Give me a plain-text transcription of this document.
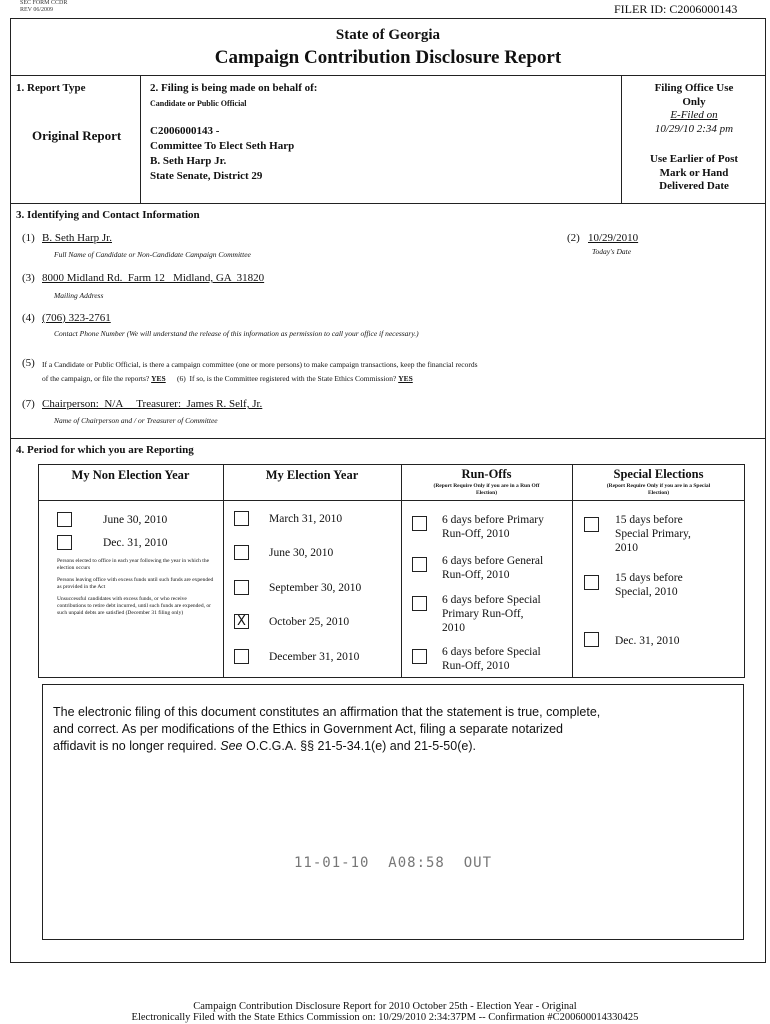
SEC FORM CCDR
REV 06/2009	FILER ID: C2006000143
State of Georgia
Campaign Contribution Disclosure Report
1. Report Type
Original Report
2. Filing is being made on behalf of:
Candidate or Public Official
C2006000143 -
Committee To Elect Seth Harp
B. Seth Harp Jr.
State Senate, District 29
Filing Office Use
Only
E-Filed on
10/29/10 2:34 pm
Use Earlier of Post
Mark or Hand
Delivered Date
3. Identifying and Contact Information
(1) B. Seth Harp Jr.
Full Name of Candidate or Non-Candidate Campaign Committee
(2) 10/29/2010
Today's Date
(3) 8000 Midland Rd.  Farm 12   Midland, GA  31820
Mailing Address
(4) (706) 323-2761
Contact Phone Number (We will understand the release of this information as permission to call your office if necessary.)
(5) If a Candidate or Public Official, is there a campaign committee (one or more persons) to make campaign transactions, keep the financial records
of the campaign, or file the reports? YES (6)  If so, is the Committee registered with the State Ethics Commission? YES
(7) Chairperson:  N/A     Treasurer:  James R. Self, Jr.
Name of Chairperson and / or Treasurer of Committee
4. Period for which you are Reporting
My Non Election Year	My Election Year	Run-Offs
(Report Require Only if you are in a Run Off
Election)
Special Elections
(Report Require Only if you are in a Special
Election)
June 30, 2010
Dec. 31, 2010
Persons elected to office in each year following the year in which the election occurs
Persons leaving office with excess funds until such funds are expended as provided in the Act
Unsuccessful candidates with excess funds, or who receive contributions to retire debt incurred, until such funds are expended, or such unpaid debts are satisfied (December 31 filing only)
March 31, 2010
June 30, 2010
September 30, 2010
X October 25, 2010
December 31, 2010
6 days before Primary
Run-Off, 2010
6 days before General
Run-Off, 2010
6 days before Special
Primary Run-Off,
2010
6 days before Special
Run-Off, 2010
15 days before
Special Primary,
2010
15 days before
Special, 2010
Dec. 31, 2010
The electronic filing of this document constitutes an affirmation that the statement is true, complete,
and correct. As per modifications of the Ethics in Government Act, filing a separate notarized
affidavit is no longer required. See O.C.G.A. §§ 21-5-34.1(e) and 21-5-50(e).
11-01-10  A08:58  OUT
Campaign Contribution Disclosure Report for 2010 October 25th - Election Year - Original
Electronically Filed with the State Ethics Commission on: 10/29/2010 2:34:37PM -- Confirmation #C200600014330425
